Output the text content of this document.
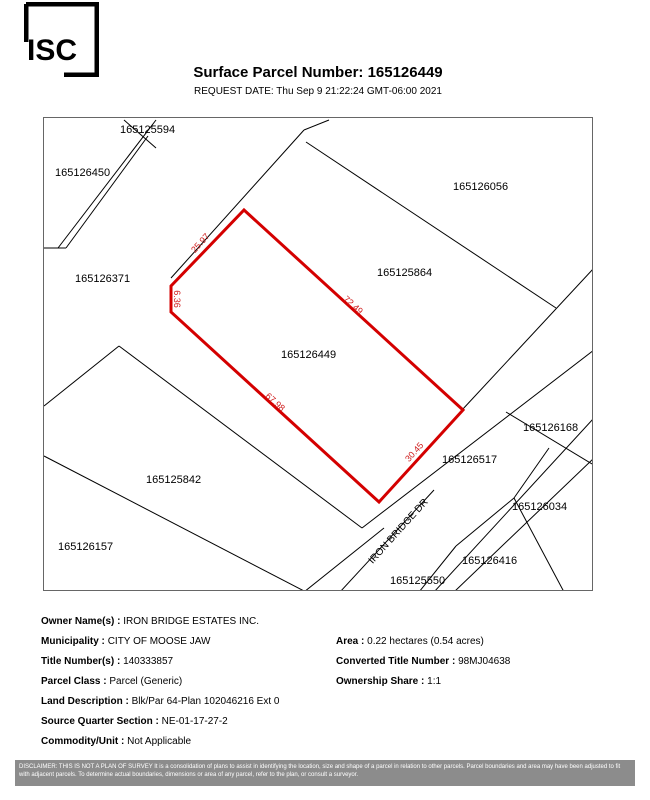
ISC
Surface Parcel Number: 165126449
REQUEST DATE: Thu Sep 9 21:22:24 GMT-06:00 2021
165125594
165126450
165126056
165126371	165125864
165126449
165126168
165126517
165125842
165126034
165126157
165126416
165125550
25.97
6.36	72.49
67.98
30.45
IRON BRIDGE DR
Owner Name(s) : IRON BRIDGE ESTATES INC.
Municipality : CITY OF MOOSE JAW	Area : 0.22 hectares (0.54 acres)
Title Number(s) : 140333857	Converted Title Number : 98MJ04638
Parcel Class : Parcel (Generic)	Ownership Share : 1:1
Land Description : Blk/Par 64-Plan 102046216 Ext 0
Source Quarter Section : NE-01-17-27-2
Commodity/Unit : Not Applicable
DISCLAIMER: THIS IS NOT A PLAN OF SURVEY It is a consolidation of plans to assist in identifying the location, size and shape of a parcel in relation to other parcels. Parcel boundaries and area may have been adjusted to fit with adjacent parcels. To determine actual boundaries, dimensions or area of any parcel, refer to the plan, or consult a surveyor.
